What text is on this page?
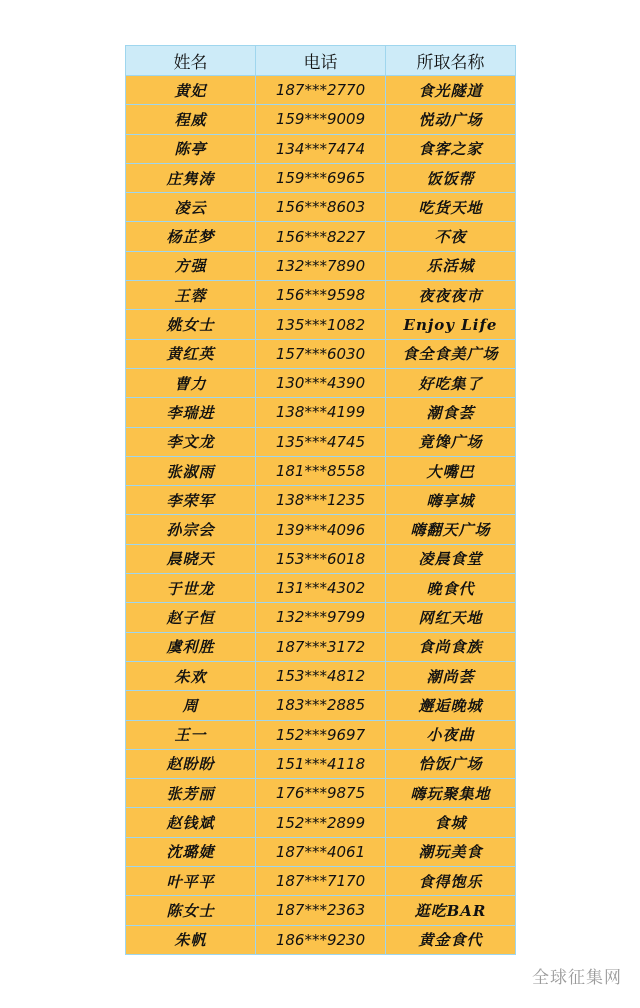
姓名	电话	所取名称
黄妃	187***2770	食光隧道
程威	159***9009	悦动广场
陈亭	134***7474	食客之家
庄隽涛	159***6965	饭饭帮
凌云	156***8603	吃货天地
杨芷梦	156***8227	不夜
方强	132***7890	乐活城
王蓉	156***9598	夜夜夜市
姚女士	135***1082	Enjoy Life
黄红英	157***6030	食全食美广场
曹力	130***4390	好吃集了
李瑞进	138***4199	潮食荟
李文龙	135***4745	竟馋广场
张淑雨	181***8558	大嘴巴
李荣军	138***1235	嗨享城
孙宗会	139***4096	嗨翻天广场
晨晓天	153***6018	凌晨食堂
于世龙	131***4302	晚食代
赵子恒	132***9799	网红天地
虞利胜	187***3172	食尚食族
朱欢	153***4812	潮尚荟
周	183***2885	邂逅晚城
王一	152***9697	小夜曲
赵盼盼	151***4118	恰饭广场
张芳丽	176***9875	嗨玩聚集地
赵钱斌	152***2899	食城
沈璐婕	187***4061	潮玩美食
叶平平	187***7170	食得饱乐
陈女士	187***2363	逛吃BAR
朱帆	186***9230	黄金食代
全球征集网
